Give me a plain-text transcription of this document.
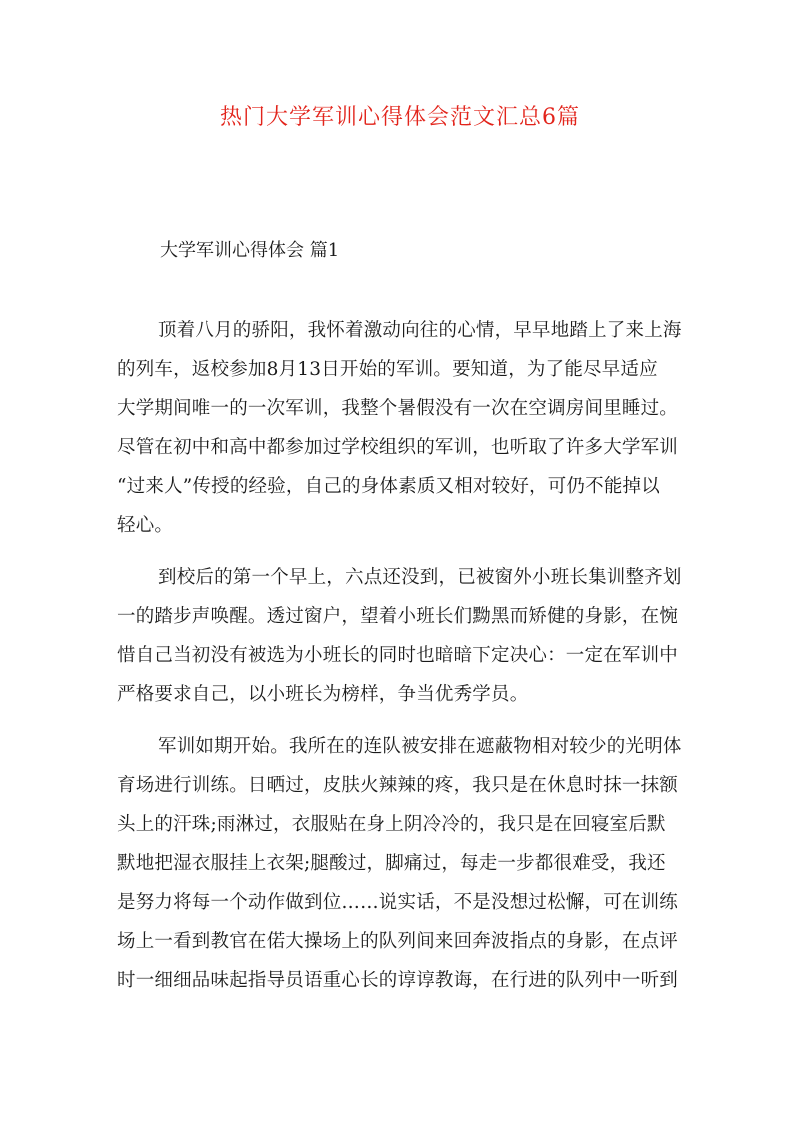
热门大学军训心得体会范文汇总6篇
大学军训心得体会 篇1
顶着八月的骄阳，我怀着激动向往的心情，早早地踏上了来上海
的列车，返校参加8月13日开始的军训。要知道，为了能尽早适应
大学期间唯一的一次军训，我整个暑假没有一次在空调房间里睡过。
尽管在初中和高中都参加过学校组织的军训，也听取了许多大学军训
“过来人”传授的经验，自己的身体素质又相对较好，可仍不能掉以
轻心。
到校后的第一个早上，六点还没到，已被窗外小班长集训整齐划
一的踏步声唤醒。透过窗户，望着小班长们黝黑而矫健的身影，在惋
惜自己当初没有被选为小班长的同时也暗暗下定决心：一定在军训中
严格要求自己，以小班长为榜样，争当优秀学员。
军训如期开始。我所在的连队被安排在遮蔽物相对较少的光明体
育场进行训练。日晒过，皮肤火辣辣的疼，我只是在休息时抹一抹额
头上的汗珠;雨淋过，衣服贴在身上阴冷冷的，我只是在回寝室后默
默地把湿衣服挂上衣架;腿酸过，脚痛过，每走一步都很难受，我还
是努力将每一个动作做到位……说实话，不是没想过松懈，可在训练
场上一看到教官在偌大操场上的队列间来回奔波指点的身影，在点评
时一细细品味起指导员语重心长的谆谆教诲，在行进的队列中一听到
